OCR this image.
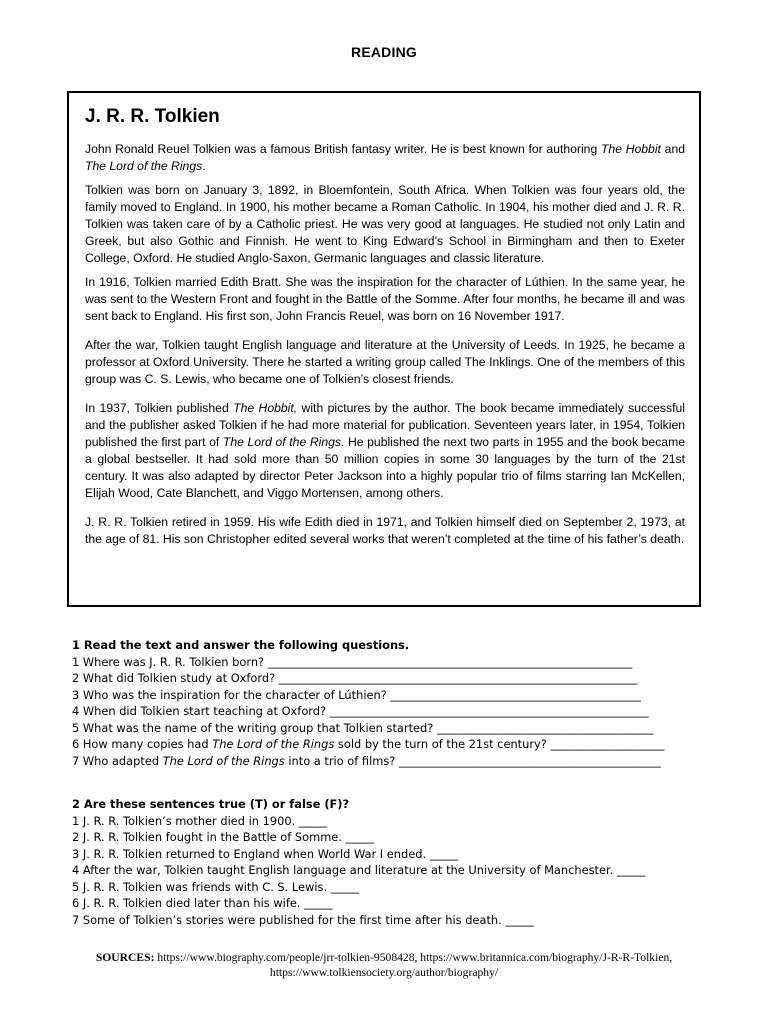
READING
J. R. R. Tolkien

John Ronald Reuel Tolkien was a famous British fantasy writer. He is best known for authoring The Hobbit and The Lord of the Rings.

Tolkien was born on January 3, 1892, in Bloemfontein, South Africa. When Tolkien was four years old, the family moved to England. In 1900, his mother became a Roman Catholic. In 1904, his mother died and J. R. R. Tolkien was taken care of by a Catholic priest. He was very good at languages. He studied not only Latin and Greek, but also Gothic and Finnish. He went to King Edward’s School in Birmingham and then to Exeter College, Oxford. He studied Anglo-Saxon, Germanic languages and classic literature.

In 1916, Tolkien married Edith Bratt. She was the inspiration for the character of Lúthien. In the same year, he was sent to the Western Front and fought in the Battle of the Somme. After four months, he became ill and was sent back to England. His first son, John Francis Reuel, was born on 16 November 1917.

After the war, Tolkien taught English language and literature at the University of Leeds. In 1925, he became a professor at Oxford University. There he started a writing group called The Inklings. One of the members of this group was C. S. Lewis, who became one of Tolkien’s closest friends.

In 1937, Tolkien published The Hobbit, with pictures by the author. The book became immediately successful and the publisher asked Tolkien if he had more material for publication. Seventeen years later, in 1954, Tolkien published the first part of The Lord of the Rings. He published the next two parts in 1955 and the book became a global bestseller. It had sold more than 50 million copies in some 30 languages by the turn of the 21st century. It was also adapted by director Peter Jackson into a highly popular trio of films starring Ian McKellen, Elijah Wood, Cate Blanchett, and Viggo Mortensen, among others.

J. R. R. Tolkien retired in 1959. His wife Edith died in 1971, and Tolkien himself died on September 2, 1973, at the age of 81. His son Christopher edited several works that weren’t completed at the time of his father’s death.

1 Read the text and answer the following questions.
1 Where was J. R. R. Tolkien born? ________________________________________________________________
2 What did Tolkien study at Oxford? _______________________________________________________________
3 Who was the inspiration for the character of Lúthien? ____________________________________________
4 When did Tolkien start teaching at Oxford? ________________________________________________________
5 What was the name of the writing group that Tolkien started? ______________________________________
6 How many copies had The Lord of the Rings sold by the turn of the 21st century? ____________________
7 Who adapted The Lord of the Rings into a trio of films? ______________________________________________
2 Are these sentences true (T) or false (F)?
1 J. R. R. Tolkien’s mother died in 1900. _____
2 J. R. R. Tolkien fought in the Battle of Somme. _____
3 J. R. R. Tolkien returned to England when World War I ended. _____
4 After the war, Tolkien taught English language and literature at the University of Manchester. _____
5 J. R. R. Tolkien was friends with C. S. Lewis. _____
6 J. R. R. Tolkien died later than his wife. _____
7 Some of Tolkien’s stories were published for the first time after his death. _____
SOURCES: https://www.biography.com/people/jrr-tolkien-9508428, https://www.britannica.com/biography/J-R-R-Tolkien, https://www.tolkiensociety.org/author/biography/
